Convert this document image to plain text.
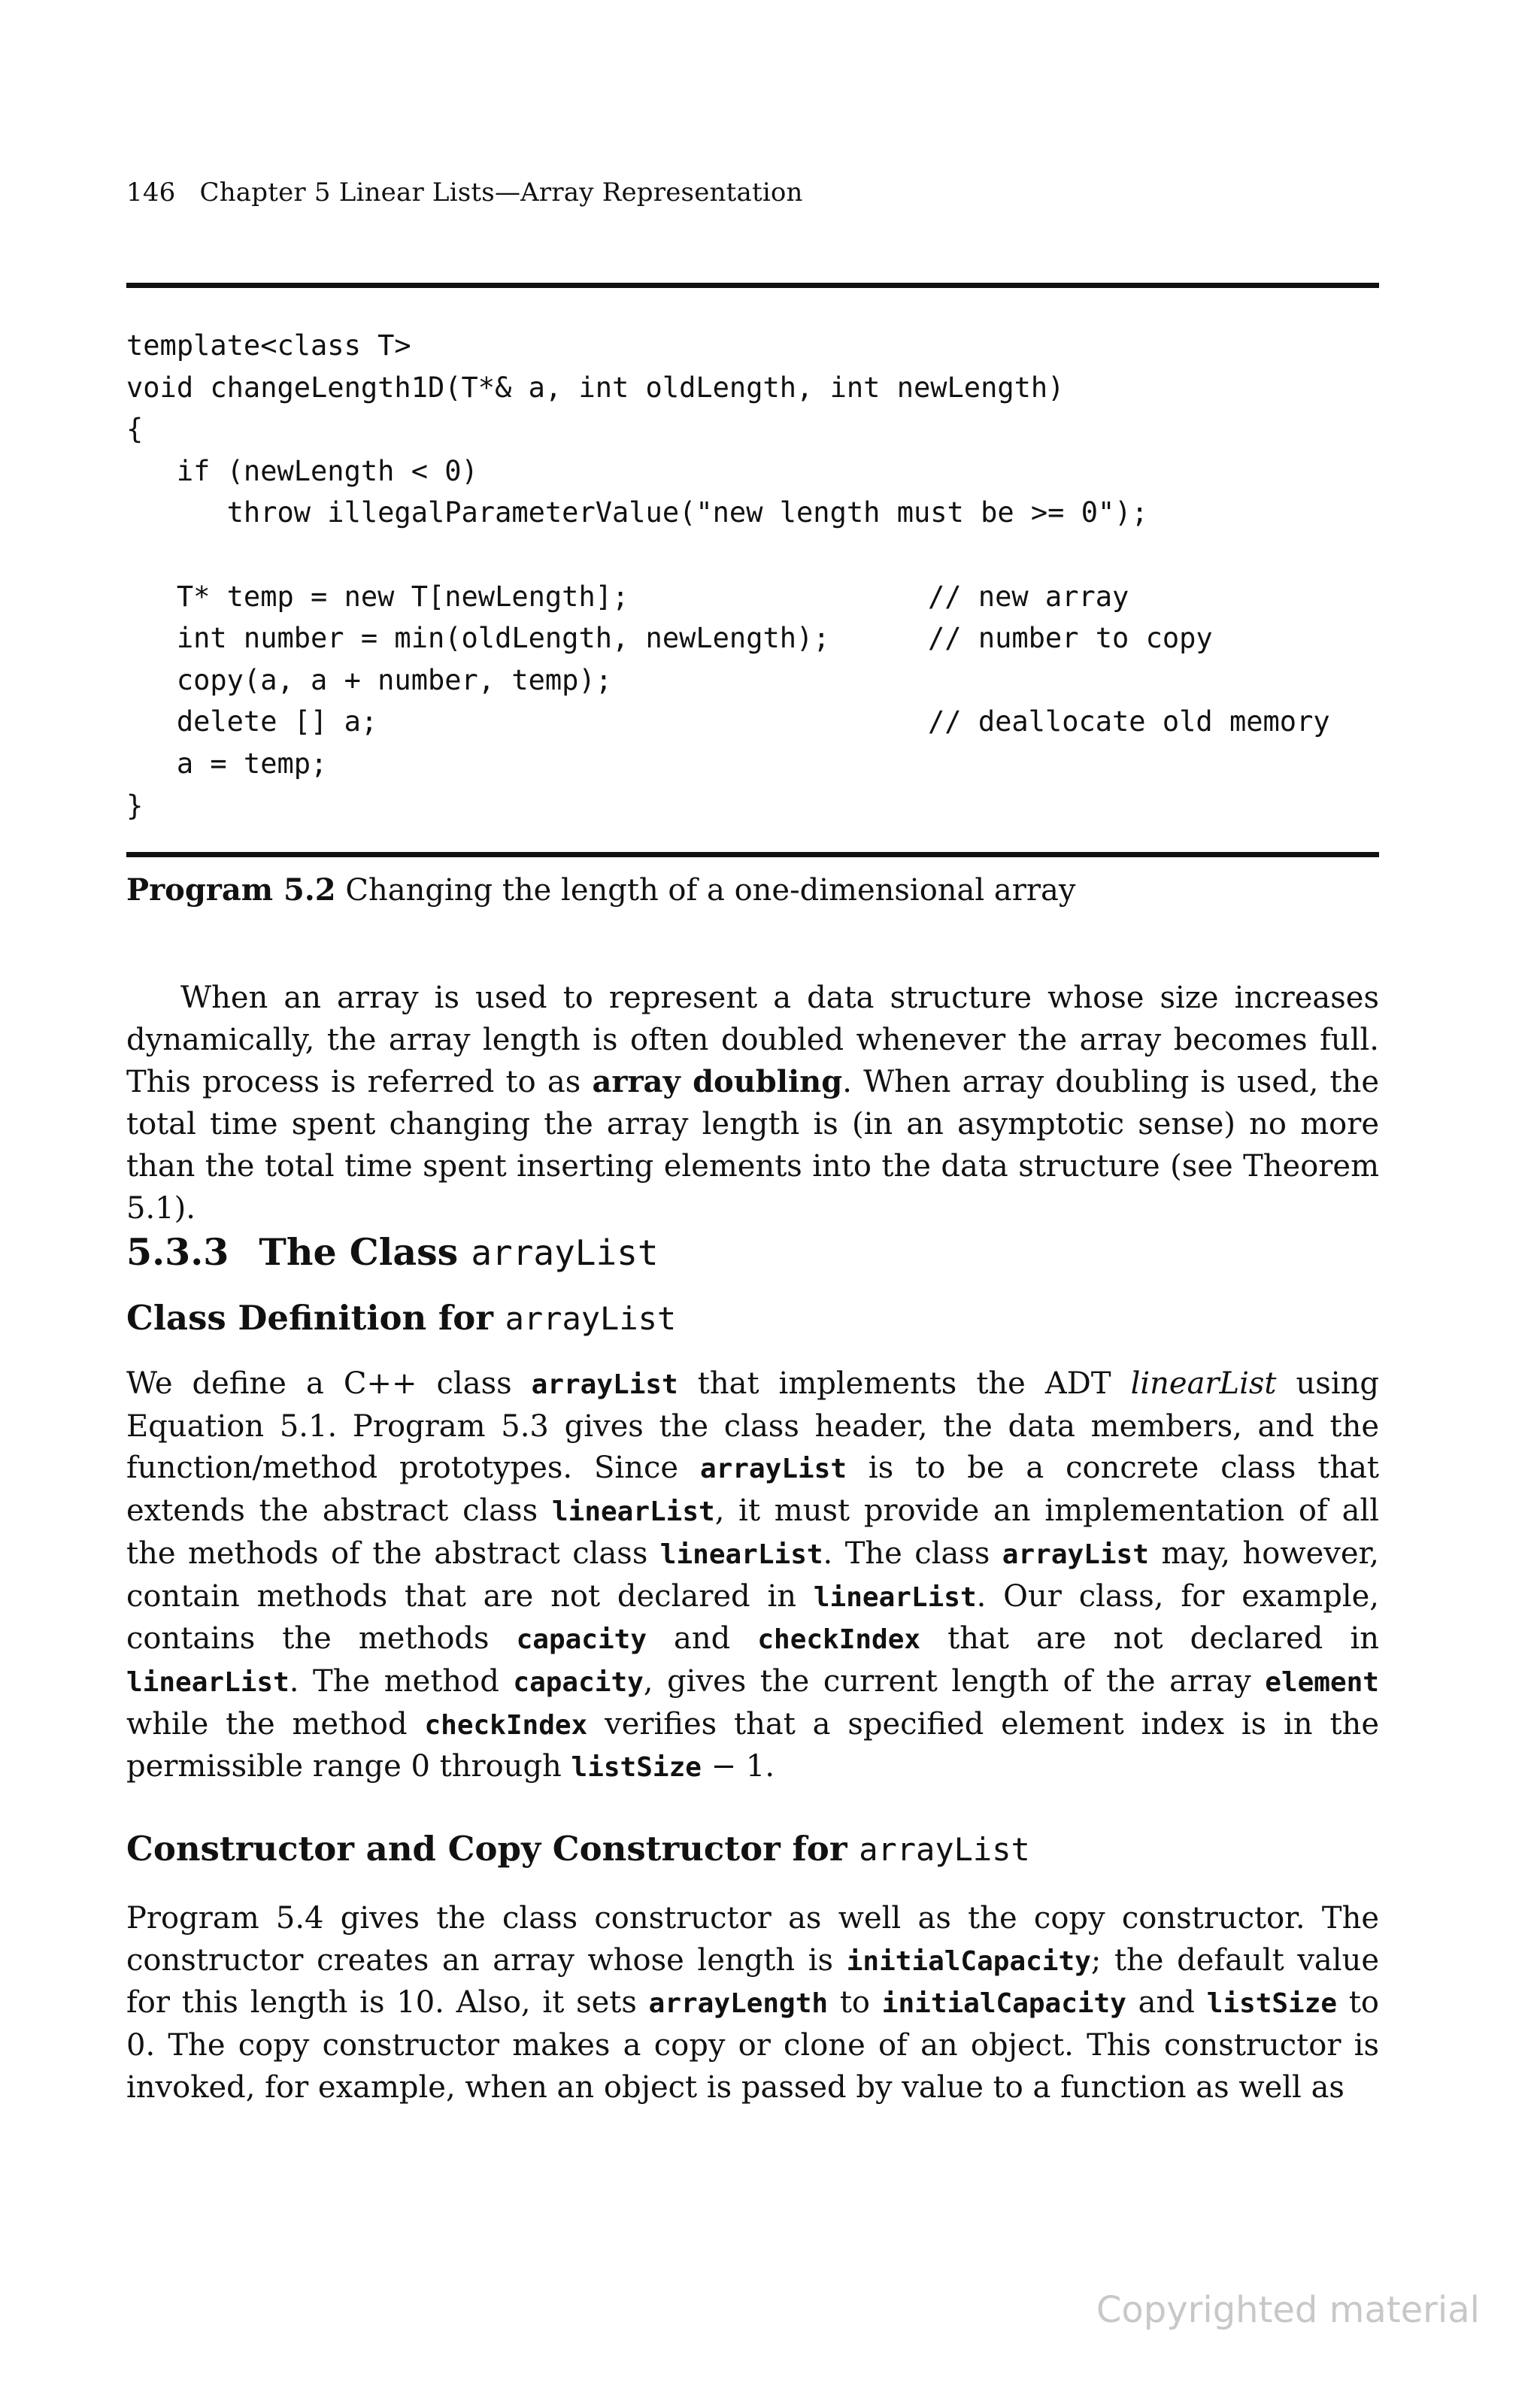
146 Chapter 5 Linear Lists—Array Representation
template<class T>
void changeLength1D(T*& a, int oldLength, int newLength)
{
if (newLength < 0)
throw illegalParameterValue("new length must be >= 0");
T* temp = new T[newLength];	// new array
int number = min(oldLength, newLength);	// number to copy
copy(a, a + number, temp);
delete [] a;	// deallocate old memory
a = temp;
}
Program 5.2 Changing the length of a one-dimensional array

When an array is used to represent a data structure whose size increases dynamically, the array length is often doubled whenever the array becomes full. This process is referred to as array doubling. When array doubling is used, the total time spent changing the array length is (in an asymptotic sense) no more than the total time spent inserting elements into the data structure (see Theorem 5.1).

5.3.3 The Class arrayList
Class Definition for arrayList

We define a C++ class arrayList that implements the ADT linearList using Equation 5.1. Program 5.3 gives the class header, the data members, and the function/method prototypes. Since arrayList is to be a concrete class that extends the abstract class linearList, it must provide an implementation of all the methods of the abstract class linearList. The class arrayList may, however, contain methods that are not declared in linearList. Our class, for example, contains the methods capacity and checkIndex that are not declared in linearList. The method capacity, gives the current length of the array element while the method checkIndex verifies that a specified element index is in the permissible range 0 through listSize − 1.

Constructor and Copy Constructor for arrayList

Program 5.4 gives the class constructor as well as the copy constructor. The constructor creates an array whose length is initialCapacity; the default value for this length is 10. Also, it sets arrayLength to initialCapacity and listSize to 0. The copy constructor makes a copy or clone of an object. This constructor is invoked, for example, when an object is passed by value to a function as well as

Copyrighted material
